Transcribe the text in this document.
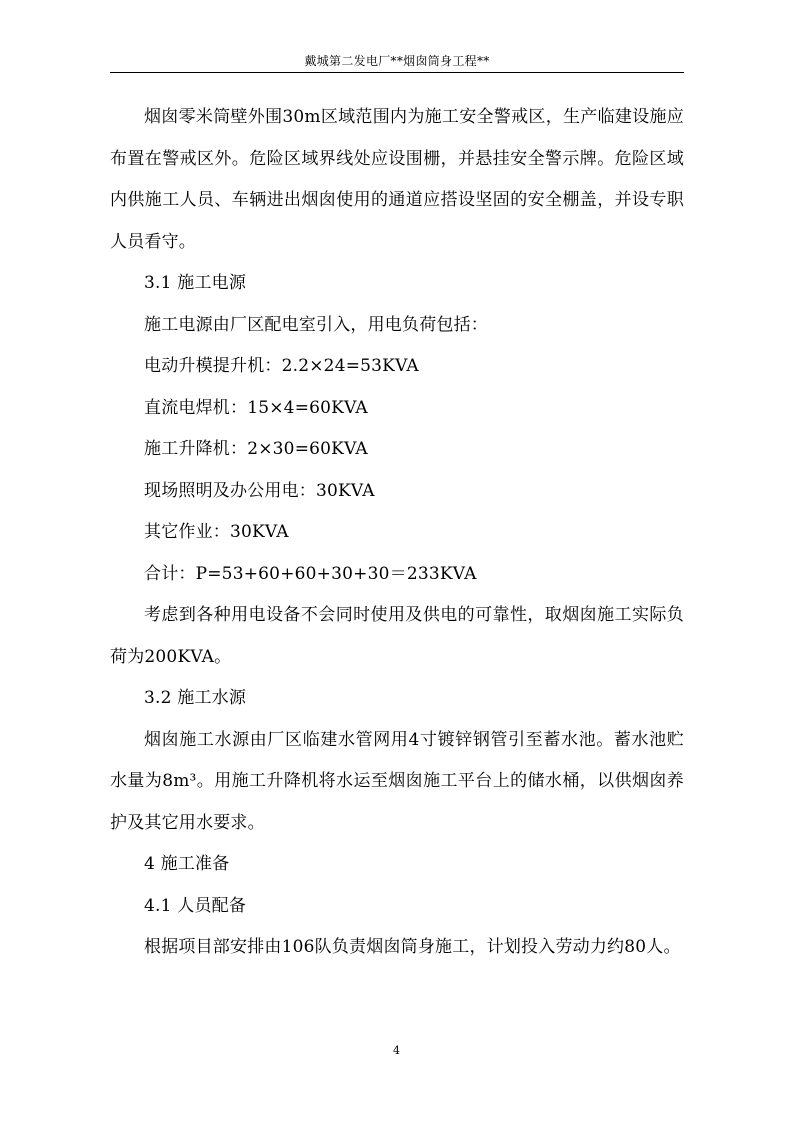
戴城第二发电厂**烟囱筒身工程**

烟囱零米筒壁外围30m区域范围内为施工安全警戒区，生产临建设施应布置在警戒区外。危险区域界线处应设围栅，并悬挂安全警示牌。危险区域内供施工人员、车辆进出烟囱使用的通道应搭设坚固的安全棚盖，并设专职人员看守。

3.1 施工电源

施工电源由厂区配电室引入，用电负荷包括：

电动升模提升机：2.2×24=53KVA

直流电焊机：15×4=60KVA

施工升降机：2×30=60KVA

现场照明及办公用电：30KVA

其它作业：30KVA

合计：P=53+60+60+30+30＝233KVA

考虑到各种用电设备不会同时使用及供电的可靠性，取烟囱施工实际负荷为200KVA。

3.2 施工水源

烟囱施工水源由厂区临建水管网用4寸镀锌钢管引至蓄水池。蓄水池贮水量为8m³。用施工升降机将水运至烟囱施工平台上的储水桶，以供烟囱养护及其它用水要求。

4 施工准备

4.1 人员配备

根据项目部安排由106队负责烟囱筒身施工，计划投入劳动力约80人。

4
